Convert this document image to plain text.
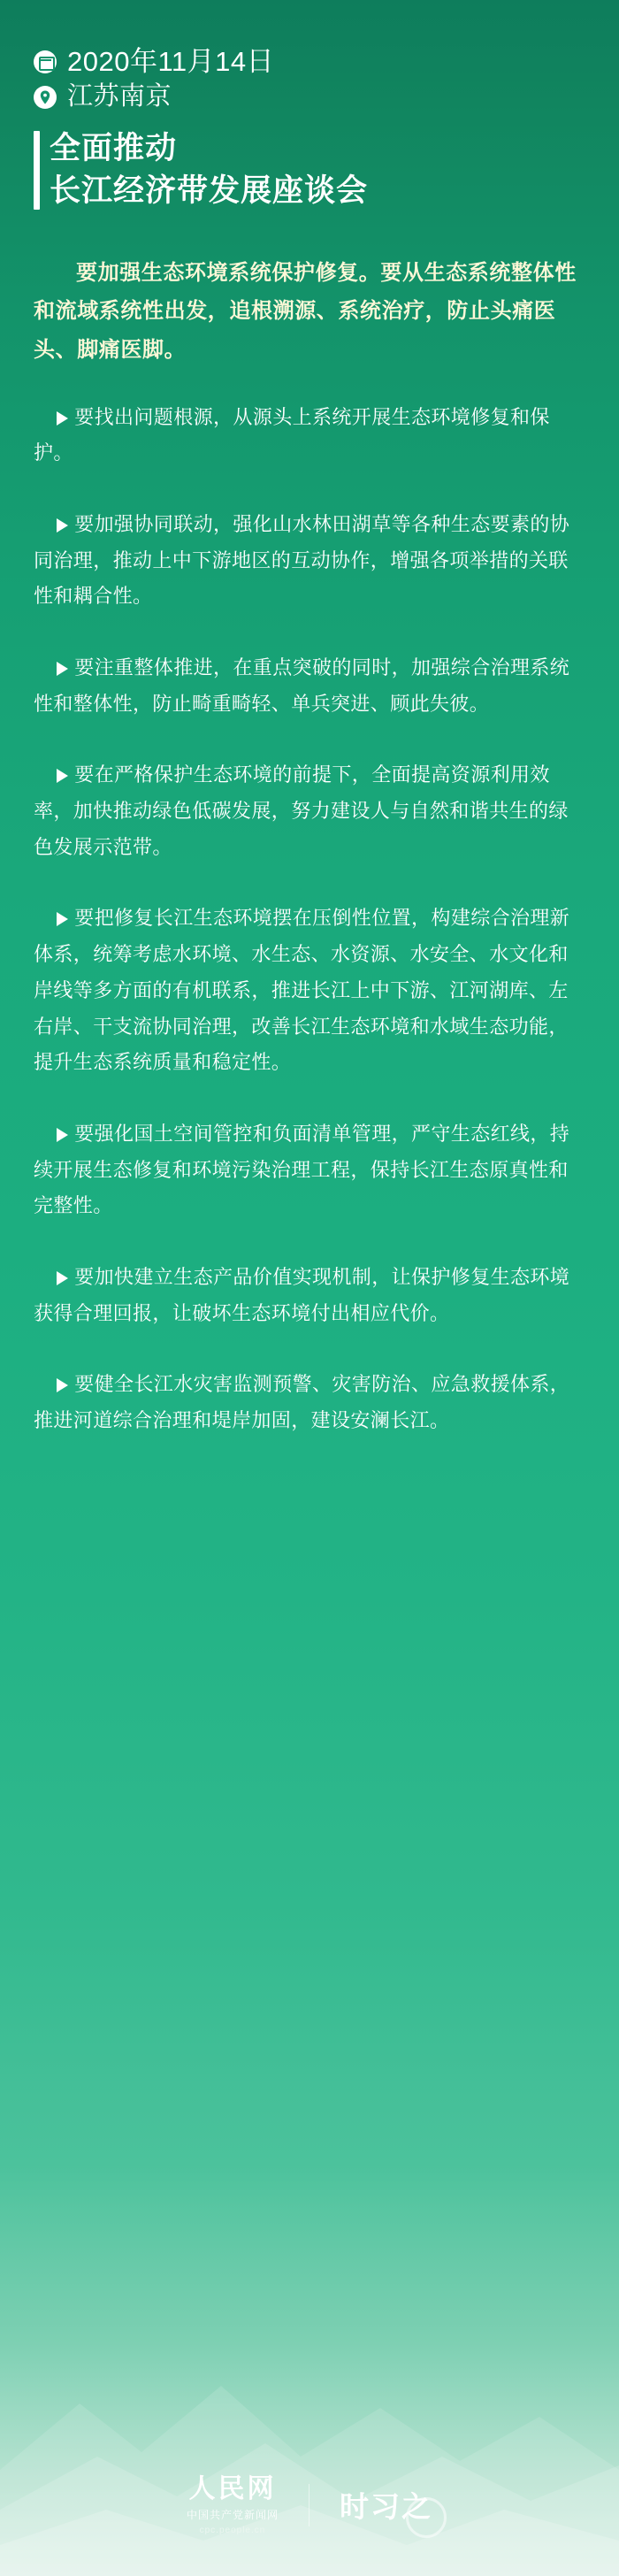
2020年11月14日
江苏南京
全面推动
长江经济带发展座谈会
要加强生态环境系统保护修复。要从生态系统整体性和流域系统性出发，追根溯源、系统治疗，防止头痛医头、脚痛医脚。
要找出问题根源，从源头上系统开展生态环境修复和保护。
要加强协同联动，强化山水林田湖草等各种生态要素的协同治理，推动上中下游地区的互动协作，增强各项举措的关联性和耦合性。
要注重整体推进，在重点突破的同时，加强综合治理系统性和整体性，防止畸重畸轻、单兵突进、顾此失彼。
要在严格保护生态环境的前提下，全面提高资源利用效率，加快推动绿色低碳发展，努力建设人与自然和谐共生的绿色发展示范带。
要把修复长江生态环境摆在压倒性位置，构建综合治理新体系，统筹考虑水环境、水生态、水资源、水安全、水文化和岸线等多方面的有机联系，推进长江上中下游、江河湖库、左右岸、干支流协同治理，改善长江生态环境和水域生态功能，提升生态系统质量和稳定性。
要强化国土空间管控和负面清单管理，严守生态红线，持续开展生态修复和环境污染治理工程，保持长江生态原真性和完整性。
要加快建立生态产品价值实现机制，让保护修复生态环境获得合理回报，让破坏生态环境付出相应代价。
要健全长江水灾害监测预警、灾害防治、应急救援体系，推进河道综合治理和堤岸加固，建设安澜长江。
人民网
中国共产党新闻网
cpc.people.cn
时习之
